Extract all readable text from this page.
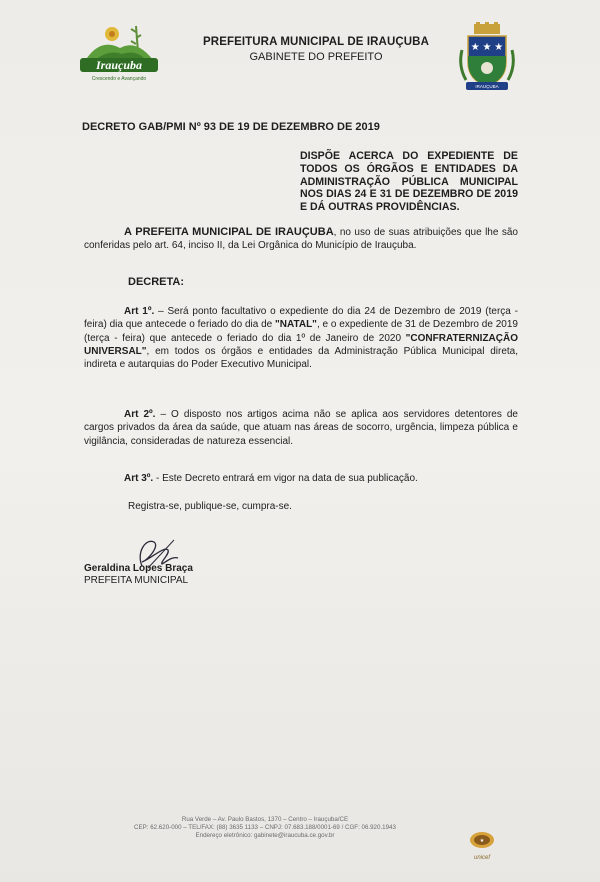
Irauçuba
Crescendo e Avançando
PREFEITURA MUNICIPAL DE IRAUÇUBA
GABINETE DO PREFEITO
★ ★ ★
IRAUÇUBA
DECRETO GAB/PMI Nº 93 DE 19 DE DEZEMBRO DE 2019
DISPÕE ACERCA DO EXPEDIENTE DE TODOS OS ÓRGÃOS E ENTIDADES DA ADMINISTRAÇÃO PÚBLICA MUNICIPAL NOS DIAS 24 E 31 DE DEZEMBRO DE 2019 E DÁ OUTRAS PROVIDÊNCIAS.
A PREFEITA MUNICIPAL DE IRAUÇUBA, no uso de suas atribuições que lhe são conferidas pelo art. 64, inciso II, da Lei Orgânica do Município de Irauçuba.
DECRETA:
Art 1º. – Será ponto facultativo o expediente do dia 24 de Dezembro de 2019 (terça - feira) dia que antecede o feriado do dia de "NATAL", e o expediente de 31 de Dezembro de 2019 (terça - feira) que antecede o feriado do dia 1º de Janeiro de 2020 "CONFRATERNIZAÇÃO UNIVERSAL", em todos os órgãos e entidades da Administração Pública Municipal direta, indireta e autarquias do Poder Executivo Municipal.
Art 2º. – O disposto nos artigos acima não se aplica aos servidores detentores de cargos privados da área da saúde, que atuam nas áreas de socorro, urgência, limpeza pública e vigilância, consideradas de natureza essencial.
Art 3º. - Este Decreto entrará em vigor na data de sua publicação.
Registra-se, publique-se, cumpra-se.
Geraldina Lopes Braça
PREFEITA MUNICIPAL
Rua Verde – Av. Paulo Bastos, 1370 – Centro – Irauçuba/CE
CEP: 62.620-000 – TEL/FAX: (88) 3635 1133 – CNPJ: 07.683.188/0001-69 / CGF: 06.920.1943
Endereço eletrônico: gabinete@iraucuba.ce.gov.br
★
unicef
